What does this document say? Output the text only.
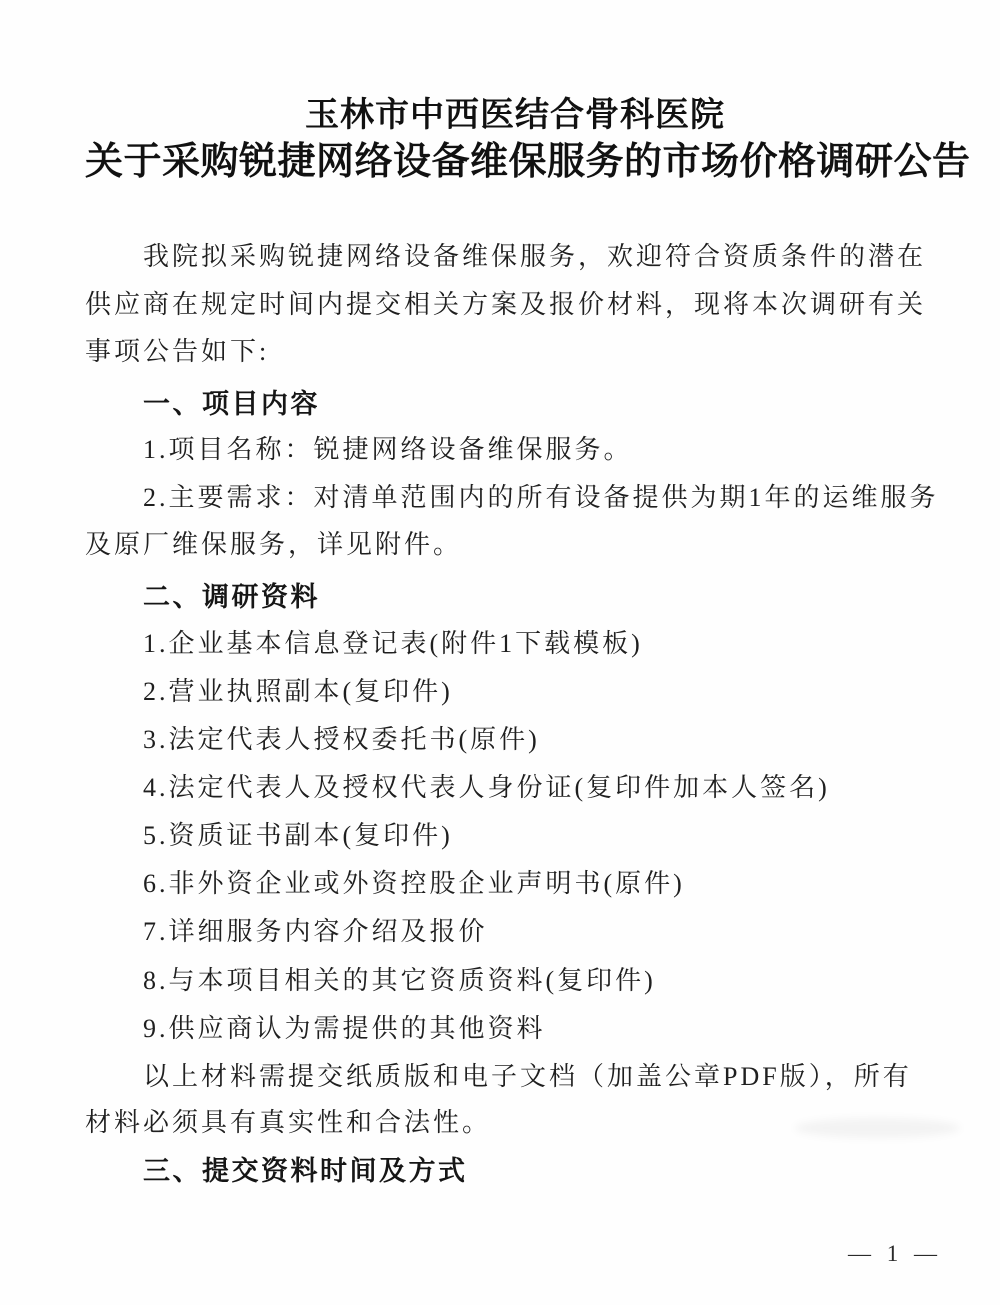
玉林市中西医结合骨科医院
关于采购锐捷网络设备维保服务的市场价格调研公告
我院拟采购锐捷网络设备维保服务，欢迎符合资质条件的潜在
供应商在规定时间内提交相关方案及报价材料，现将本次调研有关
事项公告如下:
一、项目内容
1.项目名称：锐捷网络设备维保服务。
2.主要需求：对清单范围内的所有设备提供为期1年的运维服务
及原厂维保服务，详见附件。
二、调研资料
1.企业基本信息登记表(附件1下载模板)
2.营业执照副本(复印件)
3.法定代表人授权委托书(原件)
4.法定代表人及授权代表人身份证(复印件加本人签名)
5.资质证书副本(复印件)
6.非外资企业或外资控股企业声明书(原件)
7.详细服务内容介绍及报价
8.与本项目相关的其它资质资料(复印件)
9.供应商认为需提供的其他资料
以上材料需提交纸质版和电子文档（加盖公章PDF版），所有
材料必须具有真实性和合法性。
三、提交资料时间及方式
— 1 —
